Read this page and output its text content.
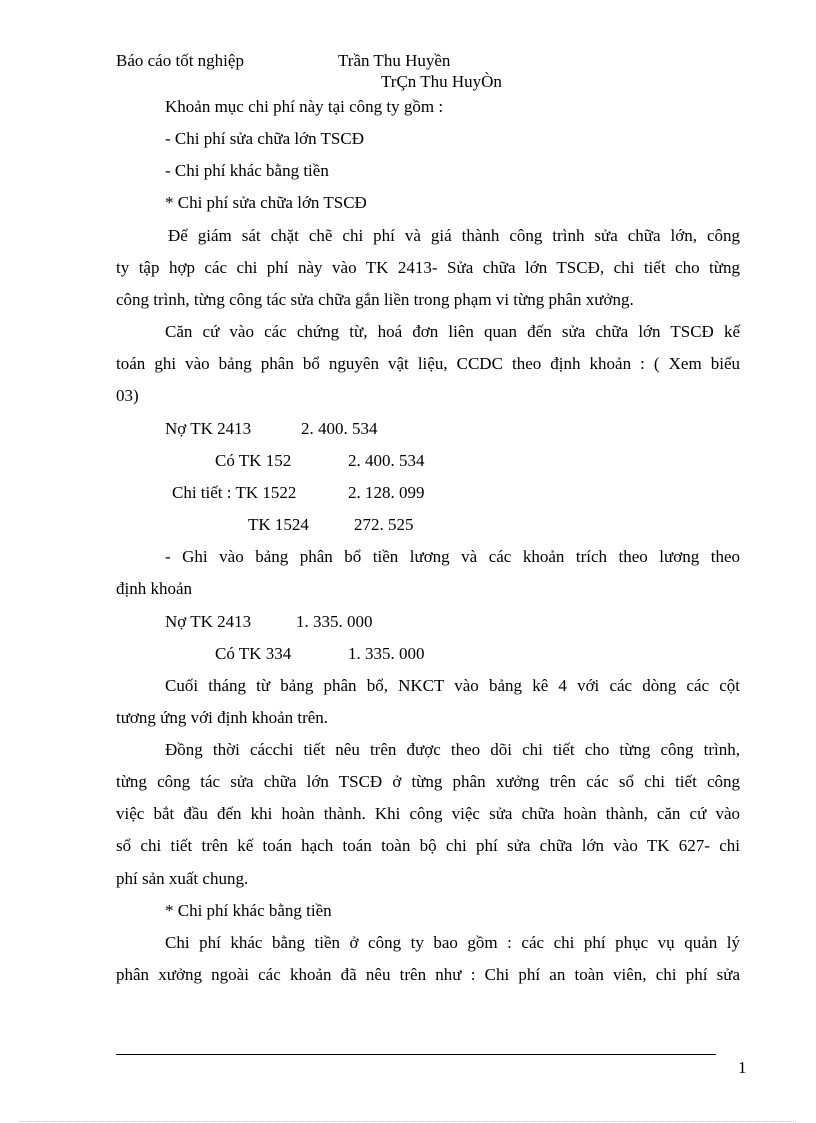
Báo cáo tốt nghiệp	Trần Thu Huyền
TrÇn Thu HuyÒn
Khoản mục chi phí này tại công ty gồm :
- Chi phí sửa chữa lớn TSCĐ
- Chi phí khác bằng tiền
* Chi phí sửa chữa lớn TSCĐ
Để giám sát chặt chẽ chi phí và giá thành công trình sửa chữa lớn, công
ty tập hợp các chi phí này vào TK 2413- Sửa chữa lớn TSCĐ, chi tiết cho từng
công trình, từng công tác sửa chữa gắn liền trong phạm vi từng phân xưởng.
Căn cứ vào các chứng từ, hoá đơn liên quan đến sửa chữa lớn TSCĐ kế
toán ghi vào bảng phân bổ nguyên vật liệu, CCDC theo định khoản : ( Xem biểu
03)
Nợ TK 2413	2. 400. 534
Có TK 152	2. 400. 534
Chi tiết : TK 1522	2. 128. 099
TK 1524	272. 525
- Ghi vào bảng phân bổ tiền lương và các khoản trích theo lương theo
định khoản
Nợ TK 2413	1. 335. 000
Có TK 334	1. 335. 000
Cuối tháng từ bảng phân bổ, NKCT vào bảng kê 4 với các dòng các cột
tương ứng với định khoản trên.
Đồng thời cácchi tiết nêu trên được theo dõi chi tiết cho từng công trình,
từng công tác sửa chữa lớn TSCĐ ở từng phân xưởng trên các sổ chi tiết công
việc bắt đầu đến khi hoàn thành. Khi công việc sửa chữa hoàn thành, căn cứ vào
sổ chi tiết trên kế toán hạch toán toàn bộ chi phí sửa chữa lớn vào TK 627- chi
phí sản xuất chung.
* Chi phí khác bằng tiền
Chi phí khác bằng tiền ở công ty bao gồm : các chi phí phục vụ quản lý
phân xưởng ngoài các khoản đã nêu trên như : Chi phí an toàn viên, chi phí sửa
1
